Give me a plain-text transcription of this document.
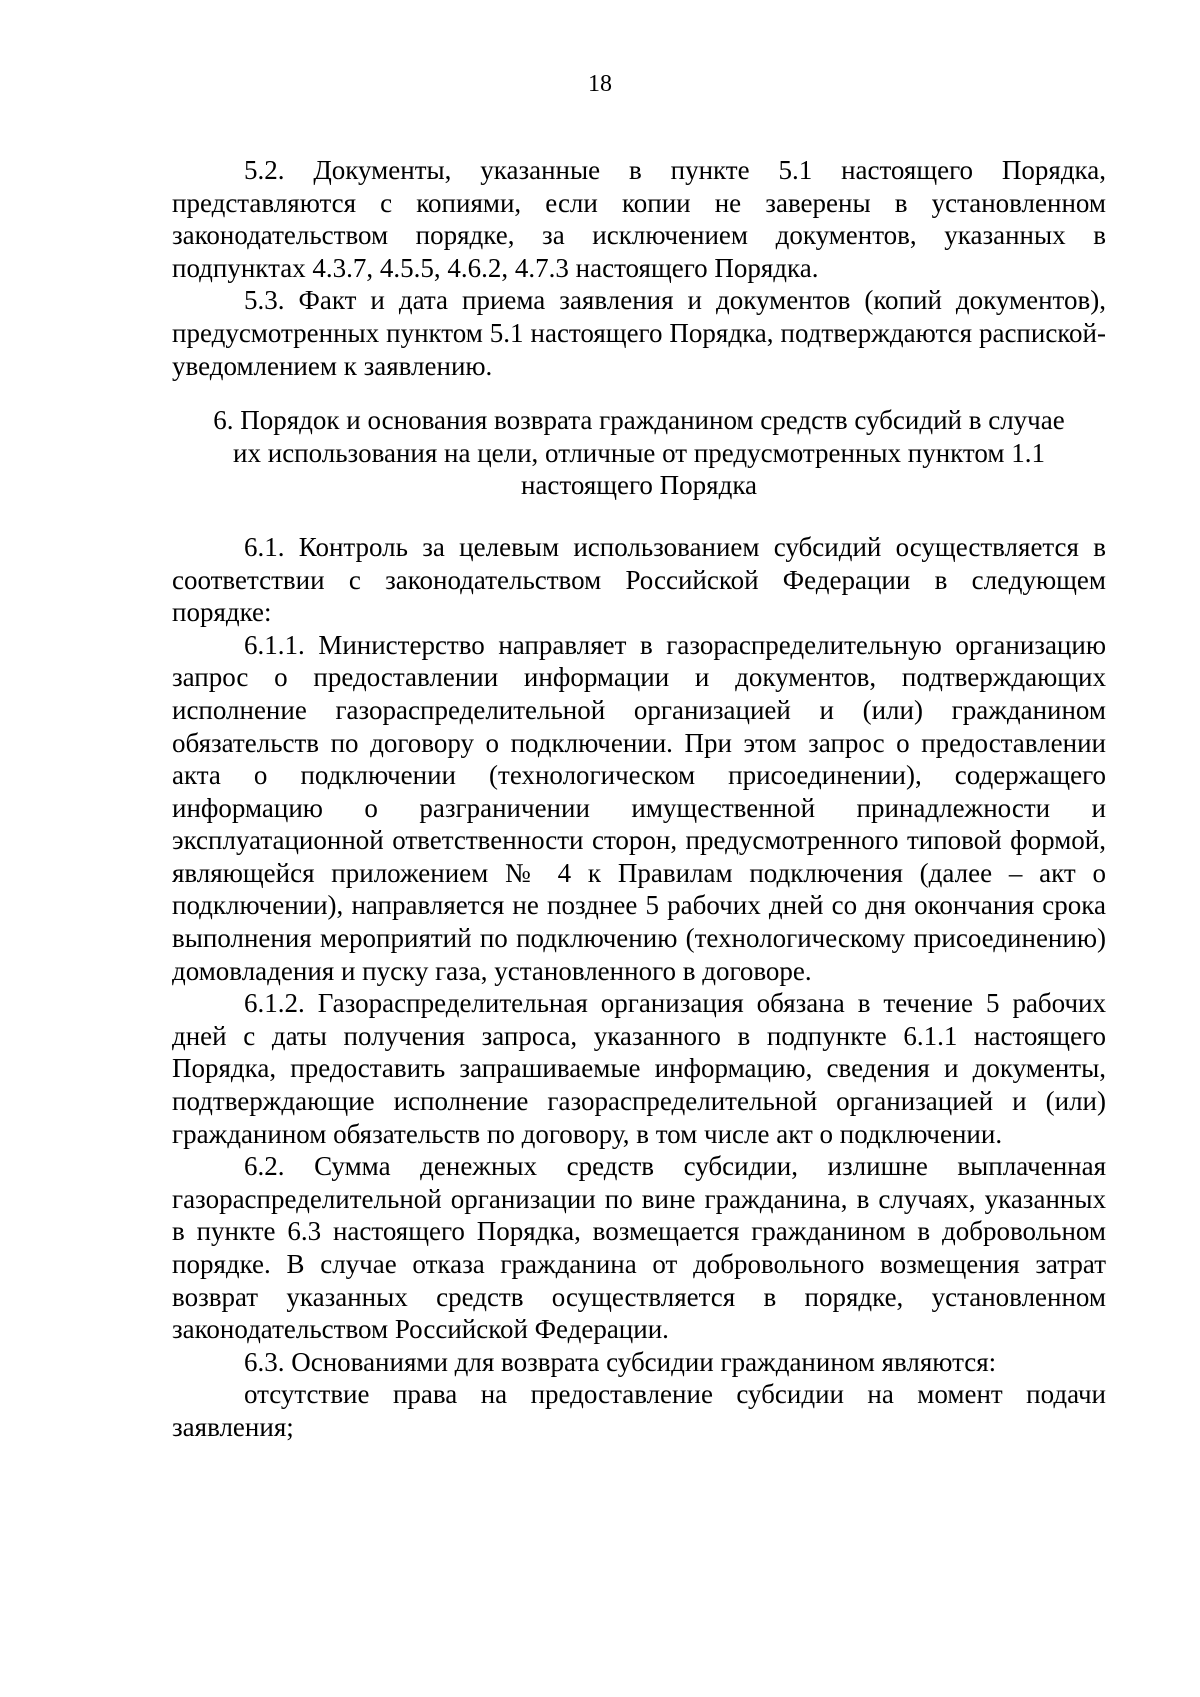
18

5.2. Документы, указанные в пункте 5.1 настоящего Порядка, представляются с копиями, если копии не заверены в установленном законодательством порядке, за исключением документов, указанных в подпунктах 4.3.7, 4.5.5, 4.6.2, 4.7.3 настоящего Порядка.

5.3. Факт и дата приема заявления и документов (копий документов), предусмотренных пунктом 5.1 настоящего Порядка, подтверждаются распиской-уведомлением к заявлению.

6. Порядок и основания возврата гражданином средств субсидий в случае их использования на цели, отличные от предусмотренных пунктом 1.1 настоящего Порядка

6.1. Контроль за целевым использованием субсидий осуществляется в соответствии с законодательством Российской Федерации в следующем порядке:

6.1.1. Министерство направляет в газораспределительную организацию запрос о предоставлении информации и документов, подтверждающих исполнение газораспределительной организацией и (или) гражданином обязательств по договору о подключении. При этом запрос о предоставлении акта о подключении (технологическом присоединении), содержащего информацию о разграничении имущественной принадлежности и эксплуатационной ответственности сторон, предусмотренного типовой формой, являющейся приложением № 4 к Правилам подключения (далее – акт о подключении), направляется не позднее 5 рабочих дней со дня окончания срока выполнения мероприятий по подключению (технологическому присоединению) домовладения и пуску газа, установленного в договоре.

6.1.2. Газораспределительная организация обязана в течение 5 рабочих дней с даты получения запроса, указанного в подпункте 6.1.1 настоящего Порядка, предоставить запрашиваемые информацию, сведения и документы, подтверждающие исполнение газораспределительной организацией и (или) гражданином обязательств по договору, в том числе акт о подключении.

6.2. Сумма денежных средств субсидии, излишне выплаченная газораспределительной организации по вине гражданина, в случаях, указанных в пункте 6.3 настоящего Порядка, возмещается гражданином в добровольном порядке. В случае отказа гражданина от добровольного возмещения затрат возврат указанных средств осуществляется в порядке, установленном законодательством Российской Федерации.

6.3. Основаниями для возврата субсидии гражданином являются:

отсутствие права на предоставление субсидии на момент подачи заявления;
